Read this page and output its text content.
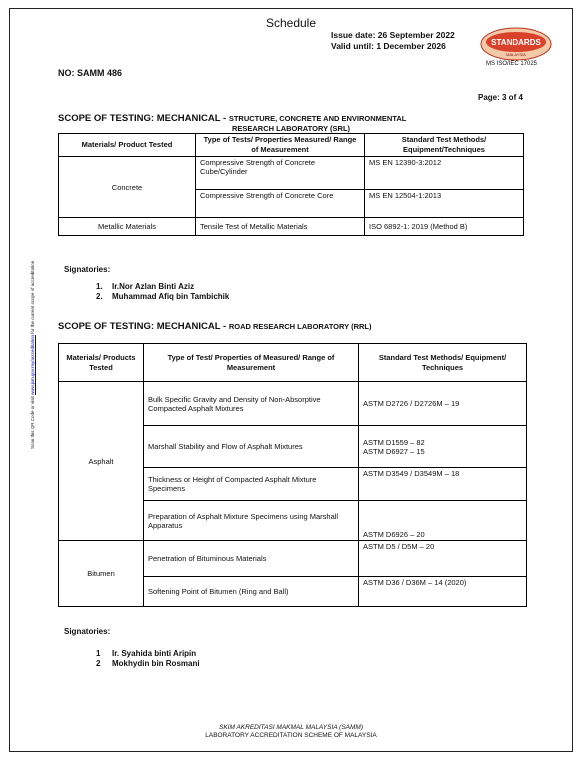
Schedule
Issue date: 26 September 2022
Valid until: 1 December 2026	STANDARDS
MALAYSIA
MS ISO/IEC 17025
NO: SAMM 486
Page: 3 of 4
SCOPE OF TESTING: MECHANICAL - STRUCTURE, CONCRETE AND ENVIRONMENTAL
RESEARCH LABORATORY (SRL)
Materials/ Product Tested	Type of Tests/ Properties Measured/ Range of Measurement	Standard Test Methods/ Equipment/Techniques
Concrete	Compressive Strength of Concrete Cube/Cylinder	MS EN 12390-3:2012
	Compressive Strength of Concrete Core	MS EN 12504-1:2013
Metallic Materials	Tensile Test of Metallic Materials	ISO 6892-1: 2019 (Method B)
Signatories:
1. Ir.Nor Azlan Binti Aziz
2. Muhammad Afiq bin Tambichik
SCOPE OF TESTING: MECHANICAL - ROAD RESEARCH LABORATORY (RRL)
Materials/ Products Tested	Type of Test/ Properties of Measured/ Range of Measurement	Standard Test Methods/ Equipment/ Techniques
Asphalt	Bulk Specific Gravity and Density of Non-Absorptive Compacted Asphalt Mixtures	ASTM D2726 / D2726M – 19
	Marshall Stability and Flow of Asphalt Mixtures	ASTM D1559 – 82
ASTM D6927 – 15
	Thickness or Height of Compacted Asphalt Mixture Specimens	ASTM D3549 / D3549M – 18
	Preparation of Asphalt Mixture Specimens using Marshall Apparatus	ASTM D6926 – 20
Bitumen	Penetration of Bituminous Materials	ASTM D5 / D5M – 20
	Softening Point of Bitumen (Ring and Ball)	ASTM D36 / D36M – 14 (2020)
Signatories:
1 Ir. Syahida binti Aripin
2 Mokhydin bin Rosmani
SKIM AKREDITASI MAKMAL MALAYSIA (SAMM)
LABORATORY ACCREDITATION SCHEME OF MALAYSIA
Scan this QR Code or visit www.jsm.gov.my/accreditation for the current scope of accreditation
